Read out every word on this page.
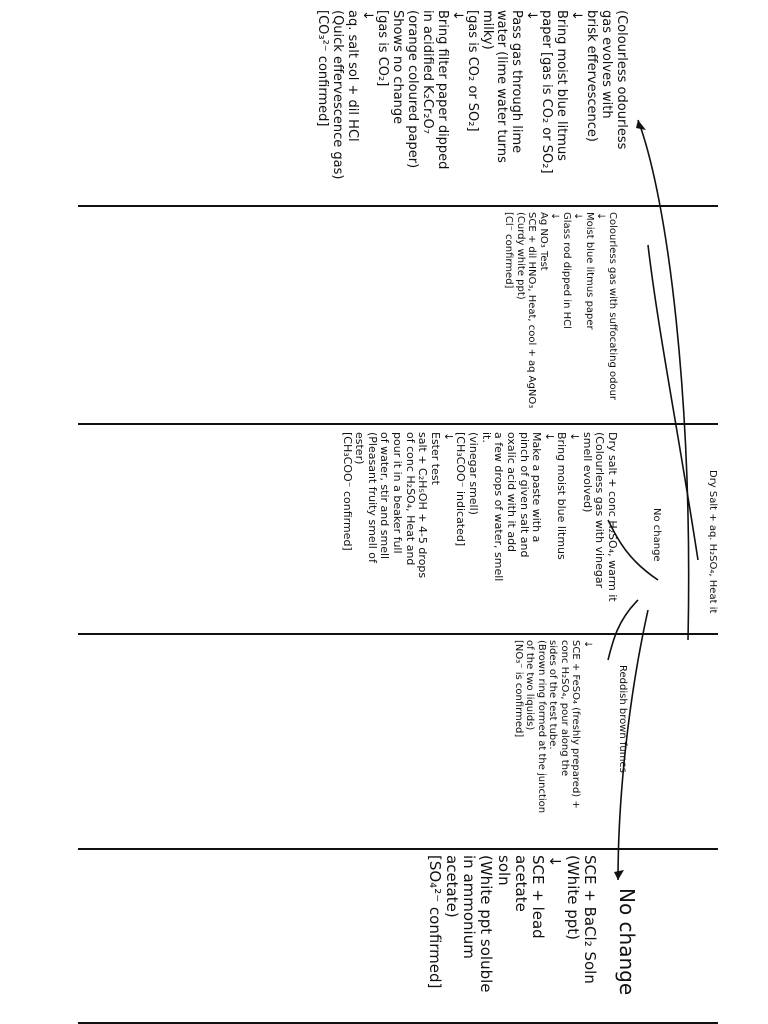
Dry Salt + aq. H₂SO₄, Heat it
No change
Reddish brown fumes
No change
(Colourless odourless
gas evolves with
brisk effervescence)
↓
Bring moist blue litmus
paper [gas is CO₂ or SO₂]
↓
Pass gas through lime
water (lime water turns
milky)
[gas is CO₂ or SO₂]
↓
Bring filter paper dipped
in acidified K₂Cr₂O₇
(orange coloured paper)
Shows no change
[gas is CO₂]
↓
aq. salt sol + dil HCl
(Quick effervescence gas)
[CO₃²⁻ confirmed]
Colourless gas with suffocating odour
↓
Moist blue litmus paper
↓
Glass rod dipped in HCl
↓
Ag NO₃ Test
SCE + dil HNO₃, Heat, cool + aq AgNO₃
(Curdy white ppt)
[Cl⁻ confirmed]
Dry salt + conc H₂SO₄, warm it
(Colourless gas with vinegar
smell evolved)
↓
Bring moist blue litmus
↓
Make a paste with a
pinch of given salt and
oxalic acid with it add
a few drops of water, smell
it.
(vinegar smell)
[CH₃COO⁻ indicated]
↓
Ester test
salt + C₂H₅OH + 4-5 drops
of conc H₂SO₄, Heat and
pour it in a beaker full
of water, stir and smell
(Pleasant fruity smell of
ester)
[CH₃COO⁻ confirmed]
↓
SCE + FeSO₄ (freshly prepared) +
conc H₂SO₄, pour along the
sides of the test tube.
(Brown ring formed at the junction
of the two liquids)
[NO₃⁻ is confirmed]
SCE + BaCl₂ Soln
(White ppt)
↓
SCE + lead
acetate
soln
(White ppt soluble
in ammonium
acetate)
[SO₄²⁻ confirmed]
